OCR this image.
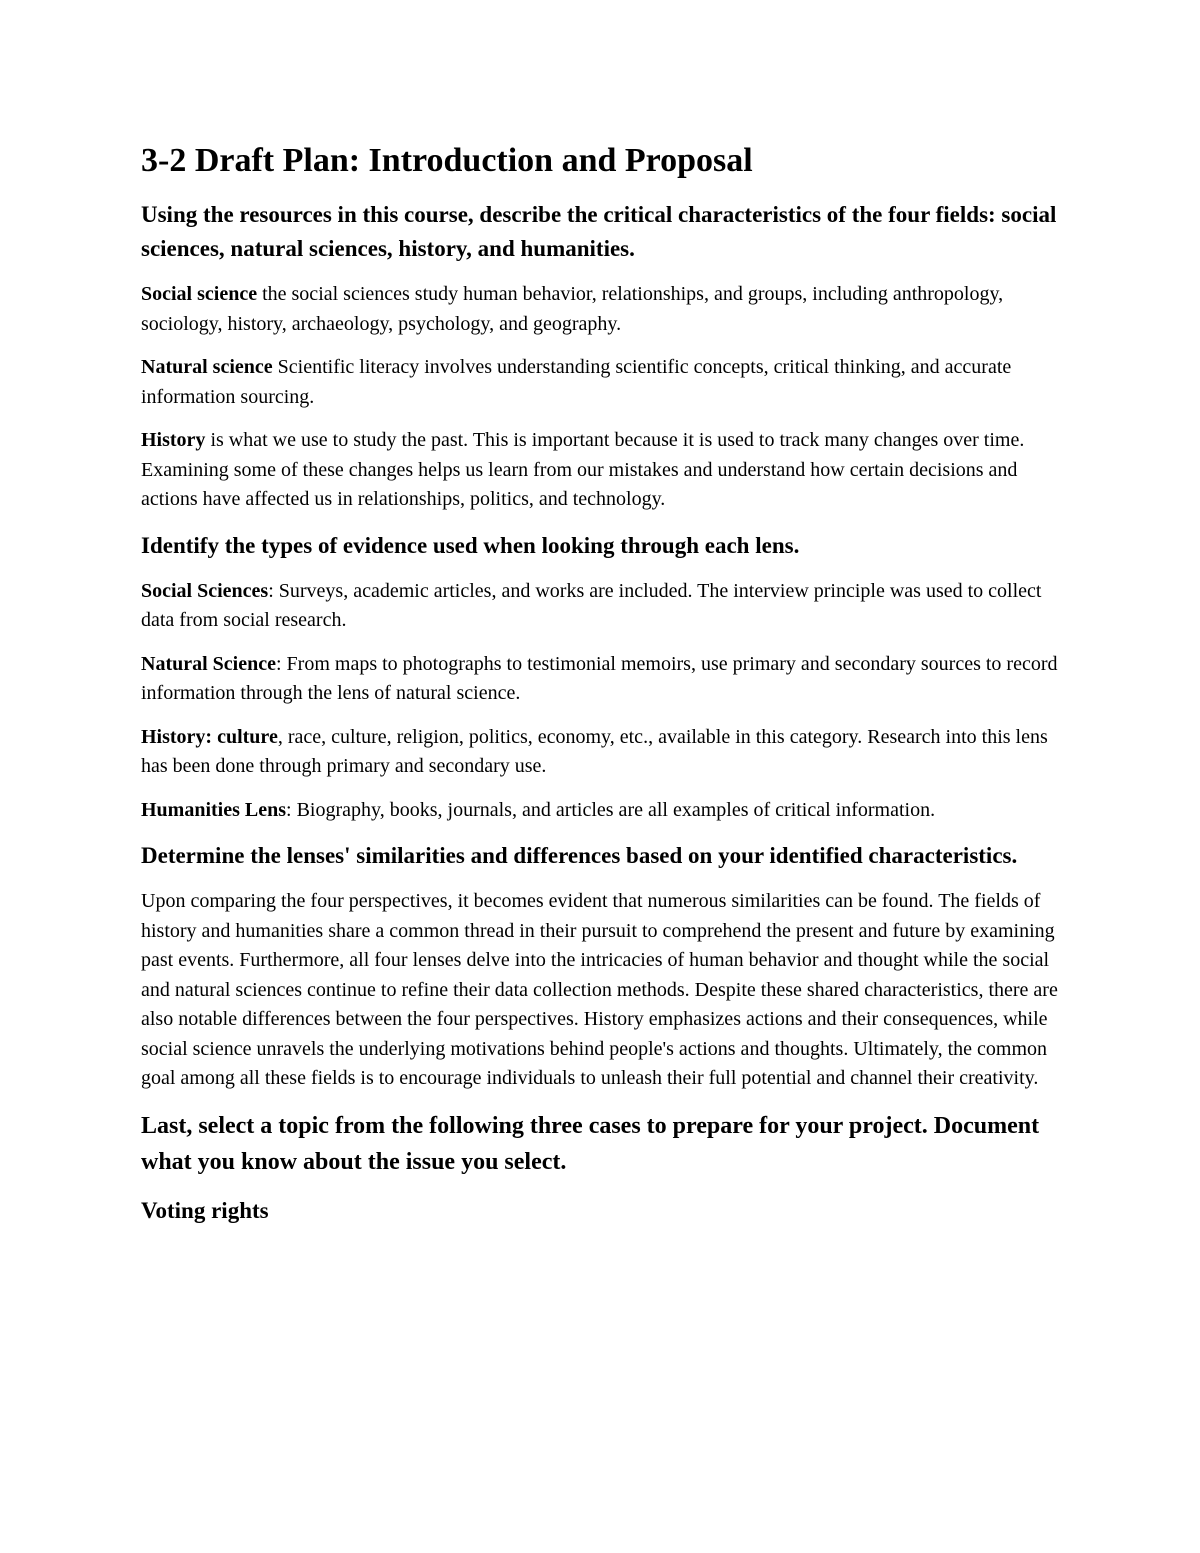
3-2 Draft Plan: Introduction and Proposal
Using the resources in this course, describe the critical characteristics of the four fields: social sciences, natural sciences, history, and humanities.

Social science the social sciences study human behavior, relationships, and groups, including anthropology, sociology, history, archaeology, psychology, and geography.

Natural science Scientific literacy involves understanding scientific concepts, critical thinking, and accurate information sourcing.

History is what we use to study the past. This is important because it is used to track many changes over time. Examining some of these changes helps us learn from our mistakes and understand how certain decisions and actions have affected us in relationships, politics, and technology.

Identify the types of evidence used when looking through each lens.

Social Sciences: Surveys, academic articles, and works are included. The interview principle was used to collect data from social research.

Natural Science: From maps to photographs to testimonial memoirs, use primary and secondary sources to record information through the lens of natural science.

History: culture, race, culture, religion, politics, economy, etc., available in this category. Research into this lens has been done through primary and secondary use.

Humanities Lens: Biography, books, journals, and articles are all examples of critical information.

Determine the lenses' similarities and differences based on your identified characteristics.

Upon comparing the four perspectives, it becomes evident that numerous similarities can be found. The fields of history and humanities share a common thread in their pursuit to comprehend the present and future by examining past events. Furthermore, all four lenses delve into the intricacies of human behavior and thought while the social and natural sciences continue to refine their data collection methods. Despite these shared characteristics, there are also notable differences between the four perspectives. History emphasizes actions and their consequences, while social science unravels the underlying motivations behind people's actions and thoughts. Ultimately, the common goal among all these fields is to encourage individuals to unleash their full potential and channel their creativity.

Last, select a topic from the following three cases to prepare for your project. Document what you know about the issue you select.
Voting rights
